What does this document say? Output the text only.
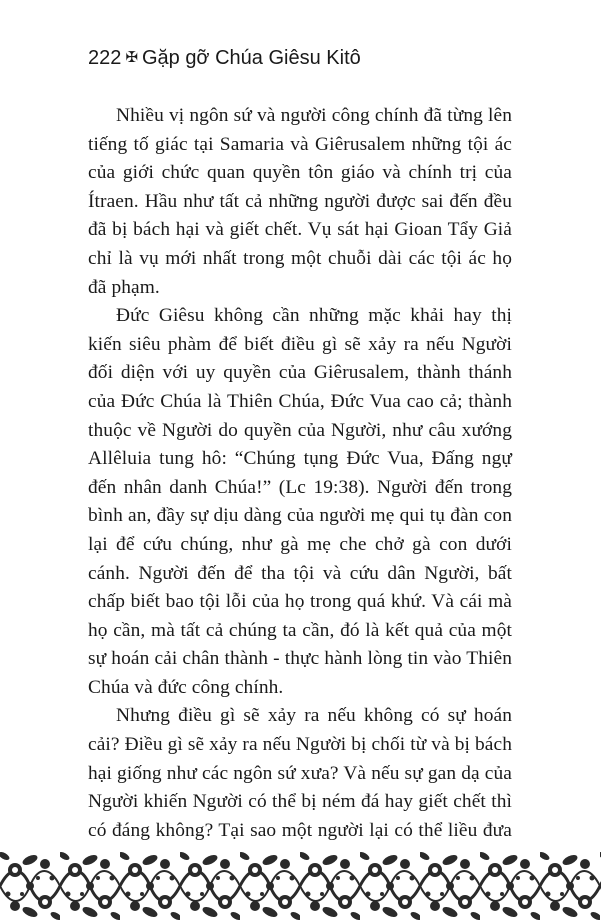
222 ✠ Gặp gỡ Chúa Giêsu Kitô

Nhiều vị ngôn sứ và người công chính đã từng lên tiếng tố giác tại Samaria và Giêrusalem những tội ác của giới chức quan quyền tôn giáo và chính trị của Ítraen. Hầu như tất cả những người được sai đến đều đã bị bách hại và giết chết. Vụ sát hại Gioan Tẩy Giả chỉ là vụ mới nhất trong một chuỗi dài các tội ác họ đã phạm.

Đức Giêsu không cần những mặc khải hay thị kiến siêu phàm để biết điều gì sẽ xảy ra nếu Người đối diện với uy quyền của Giêrusalem, thành thánh của Đức Chúa là Thiên Chúa, Đức Vua cao cả; thành thuộc về Người do quyền của Người, như câu xướng Allêluia tung hô: “Chúng tụng Đức Vua, Đấng ngự đến nhân danh Chúa!” (Lc 19:38). Người đến trong bình an, đầy sự dịu dàng của người mẹ qui tụ đàn con lại để cứu chúng, như gà mẹ che chở gà con dưới cánh. Người đến để tha tội và cứu dân Người, bất chấp biết bao tội lỗi của họ trong quá khứ. Và cái mà họ cần, mà tất cả chúng ta cần, đó là kết quả của một sự hoán cải chân thành - thực hành lòng tin vào Thiên Chúa và đức công chính.

Nhưng điều gì sẽ xảy ra nếu không có sự hoán cải? Điều gì sẽ xảy ra nếu Người bị chối từ và bị bách hại giống như các ngôn sứ xưa? Và nếu sự gan dạ của Người khiến Người có thể bị ném đá hay giết chết thì có đáng không? Tại sao một người lại có thể liều đưa
